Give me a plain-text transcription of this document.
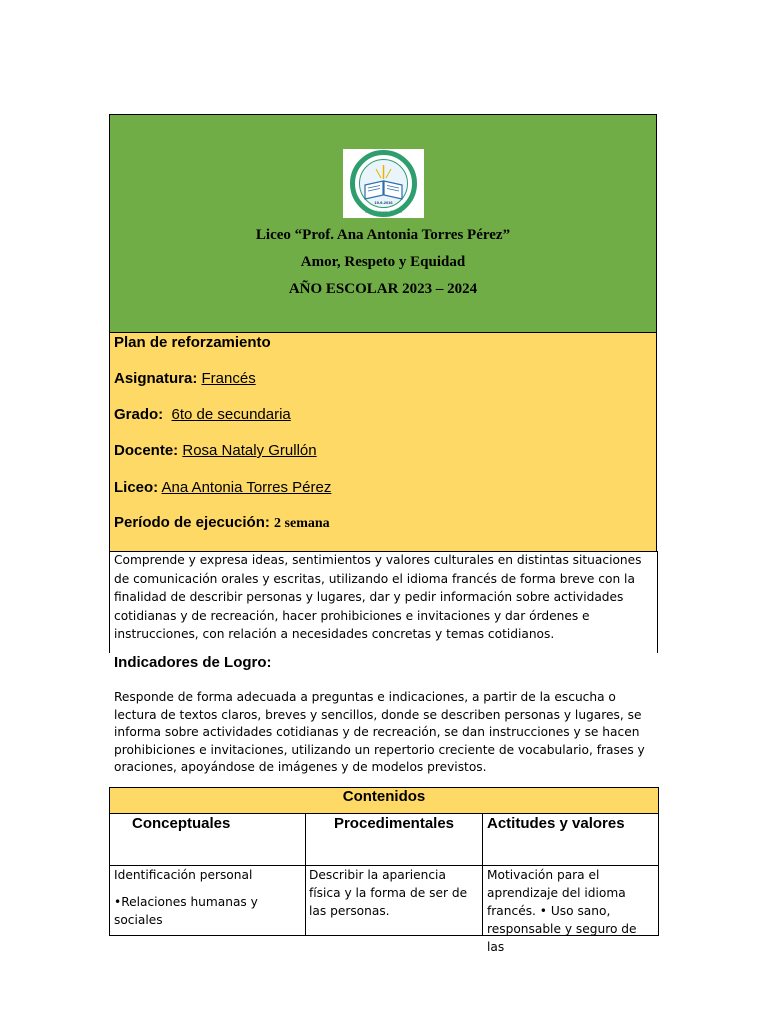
19-9-2016
Amor · Respeto · Equidad
Liceo “Prof. Ana Antonia Torres Pérez”
Amor, Respeto y Equidad
AÑO ESCOLAR 2023 – 2024
Plan de reforzamiento
Asignatura: Francés
Grado: 6to de secundaria
Docente: Rosa Nataly Grullón
Liceo: Ana Antonia Torres Pérez
Período de ejecución: 2 semana
Comprende y expresa ideas, sentimientos y valores culturales en distintas situaciones de comunicación orales y escritas, utilizando el idioma francés de forma breve con la finalidad de describir personas y lugares, dar y pedir información sobre actividades cotidianas y de recreación, hacer prohibiciones e invitaciones y dar órdenes e instrucciones, con relación a necesidades concretas y temas cotidianos.
Indicadores de Logro:
Responde de forma adecuada a preguntas e indicaciones, a partir de la escucha o lectura de textos claros, breves y sencillos, donde se describen personas y lugares, se informa sobre actividades cotidianas y de recreación, se dan instrucciones y se hacen prohibiciones e invitaciones, utilizando un repertorio creciente de vocabulario, frases y oraciones, apoyándose de imágenes y de modelos previstos.
Contenidos
Conceptuales	Procedimentales	Actitudes y valores
Identificación personal
•Relaciones humanas y sociales
Describir la apariencia física y la forma de ser de las personas.
Motivación para el aprendizaje del idioma francés. • Uso sano, responsable y seguro de las
